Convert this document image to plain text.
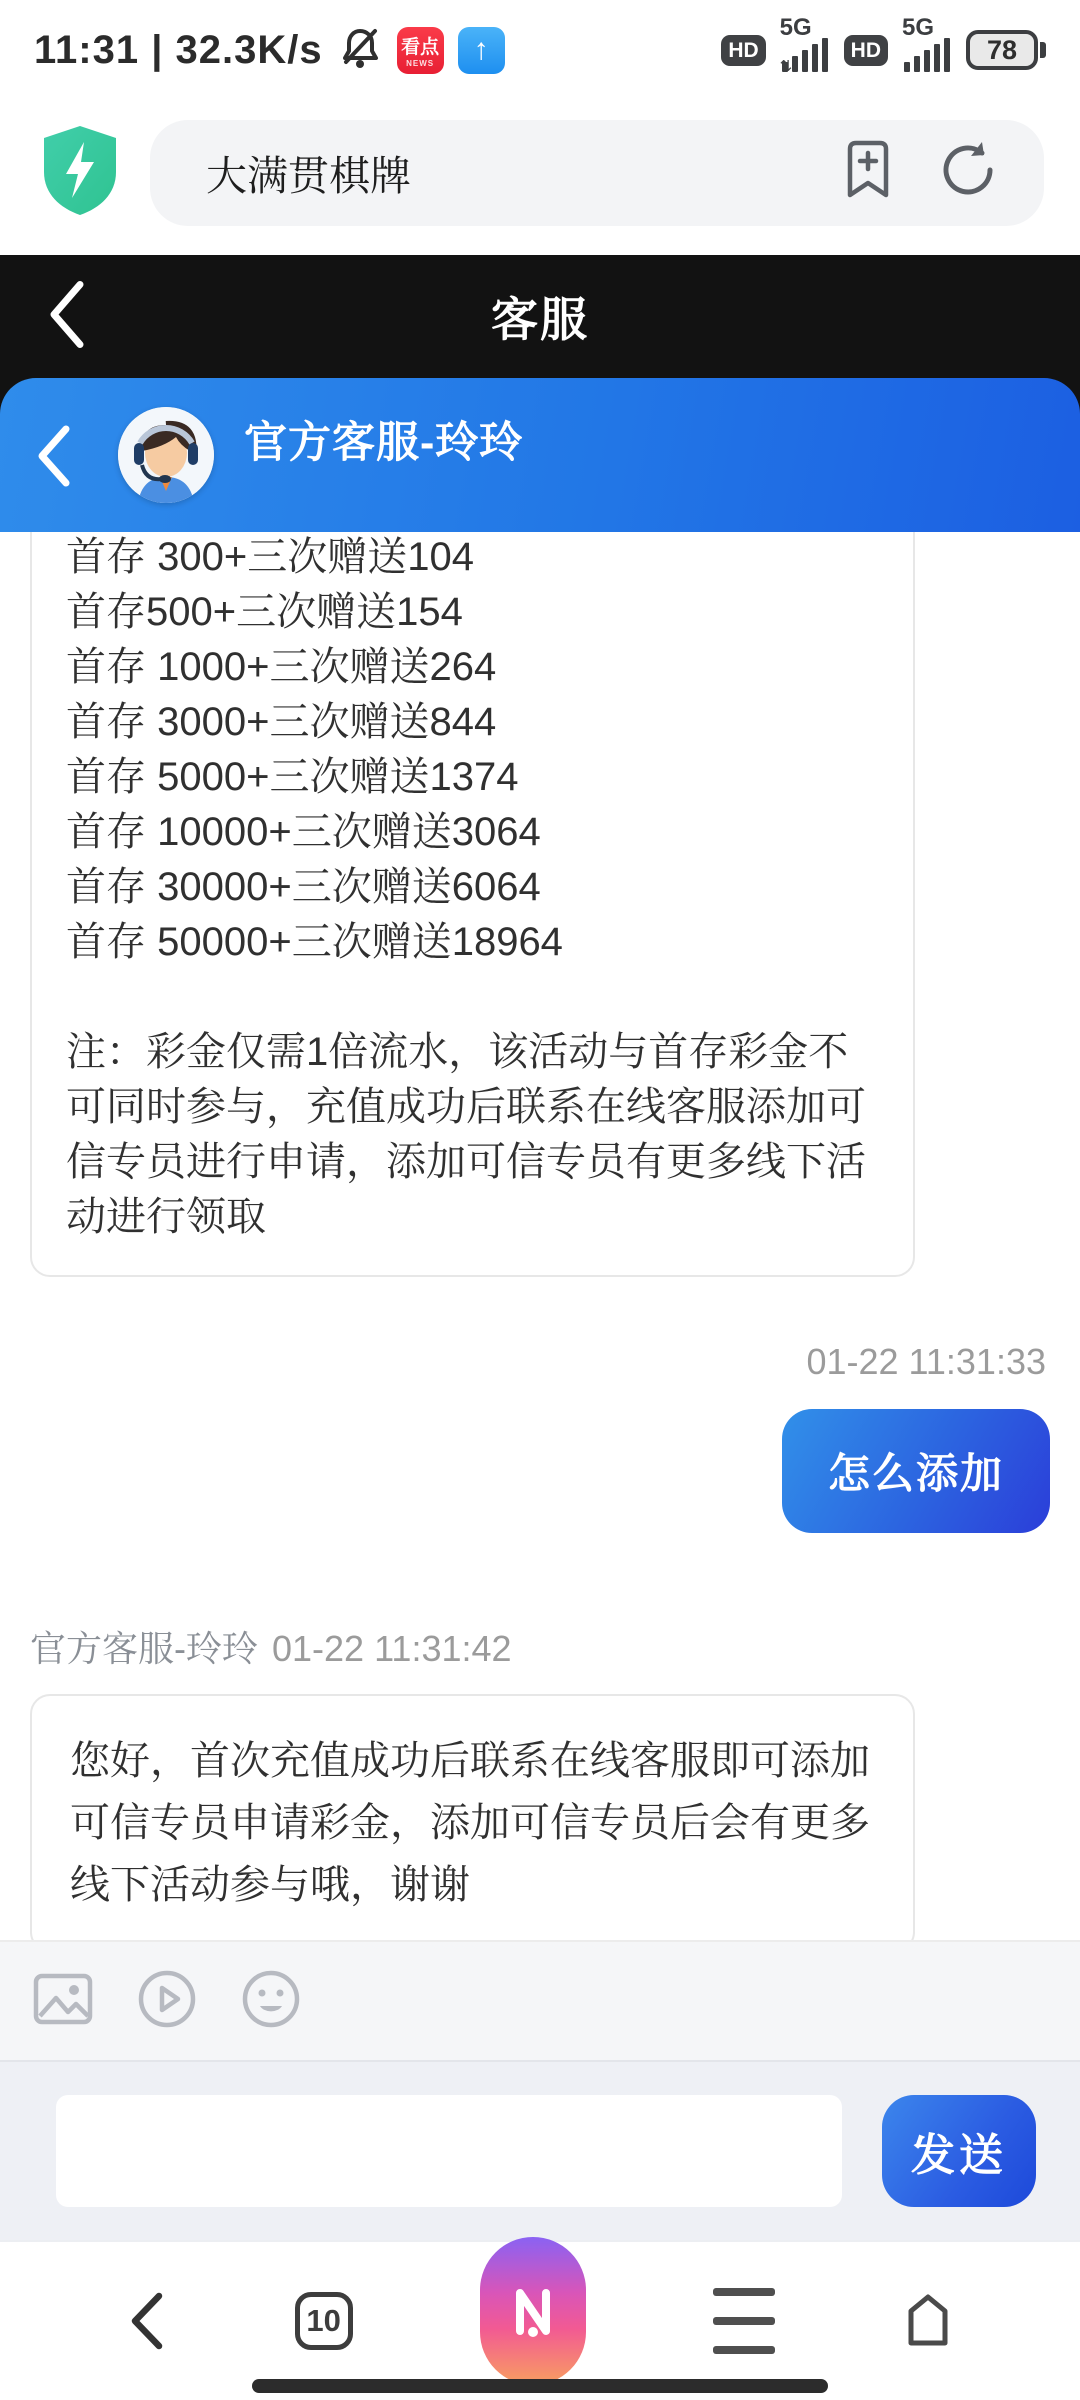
11:31 | 32.3K/s	看点
NEWS ↑	HD
5G
⇅
HD
5G
78
大满贯棋牌
客服
官方客服-玲玲
首存 300+三次赠送104
首存500+三次赠送154
首存 1000+三次赠送264
首存 3000+三次赠送844
首存 5000+三次赠送1374
首存 10000+三次赠送3064
首存 30000+三次赠送6064
首存 50000+三次赠送18964
注：彩金仅需1倍流水，该活动与首存彩金不可同时参与，充值成功后联系在线客服添加可信专员进行申请，添加可信专员有更多线下活动进行领取
01-22 11:31:33
怎么添加
官方客服-玲玲 01-22 11:31:42
您好，首次充值成功后联系在线客服即可添加可信专员申请彩金，添加可信专员后会有更多线下活动参与哦，谢谢
发送
10
